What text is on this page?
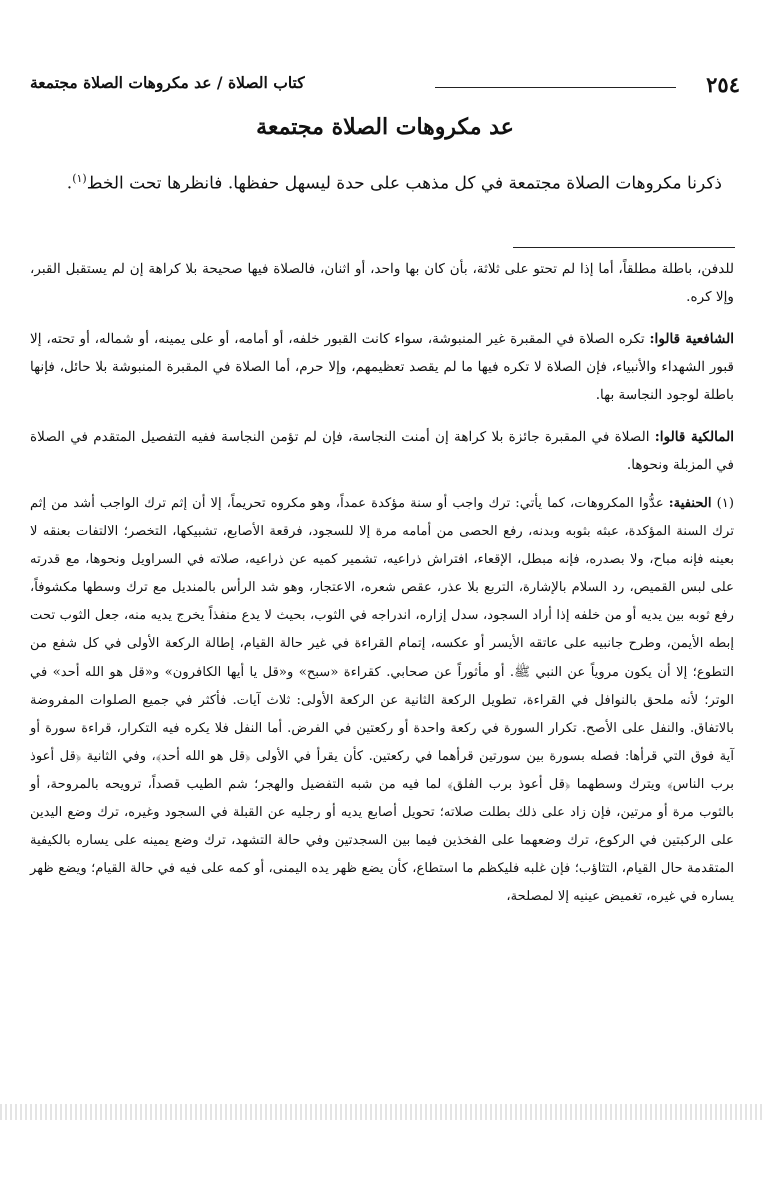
٢٥٤
كتاب الصلاة / عد مكروهات الصلاة مجتمعة
عد مكروهات الصلاة مجتمعة
ذكرنا مكروهات الصلاة مجتمعة في كل مذهب على حدة ليسهل حفظها. فانظرها تحت الخط$^{(١)}$.

للدفن، باطلة مطلقاً، أما إذا لم تحتو على ثلاثة، بأن كان بها واحد، أو اثنان، فالصلاة فيها صحيحة بلا كراهة إن لم يستقبل القبر، وإلا كره.

الشافعية قالوا: تكره الصلاة في المقبرة غير المنبوشة، سواء كانت القبور خلفه، أو أمامه، أو على يمينه، أو شماله، أو تحته، إلا قبور الشهداء والأنبياء، فإن الصلاة لا تكره فيها ما لم يقصد تعظيمهم، وإلا حرم، أما الصلاة في المقبرة المنبوشة بلا حائل، فإنها باطلة لوجود النجاسة بها.

المالكية قالوا: الصلاة في المقبرة جائزة بلا كراهة إن أمنت النجاسة، فإن لم تؤمن النجاسة ففيه التفصيل المتقدم في الصلاة في المزبلة ونحوها.

(١) الحنفية: عدُّوا المكروهات، كما يأتي: ترك واجب أو سنة مؤكدة عمداً، وهو مكروه تحريماً، إلا أن إثم ترك الواجب أشد من إثم ترك السنة المؤكدة، عبثه بثوبه وبدنه، رفع الحصى من أمامه مرة إلا للسجود، فرقعة الأصابع، تشبيكها، التخصر؛ الالتفات بعنقه لا بعينه فإنه مباح، ولا بصدره، فإنه مبطل، الإقعاء، افتراش ذراعيه، تشمير كميه عن ذراعيه، صلاته في السراويل ونحوها، مع قدرته على لبس القميص، رد السلام بالإشارة، التربع بلا عذر، عقص شعره، الاعتجار، وهو شد الرأس بالمنديل مع ترك وسطها مكشوفاً، رفع ثوبه بين يديه أو من خلفه إذا أراد السجود، سدل إزاره، اندراجه في الثوب، بحيث لا يدع منفذاً يخرج يديه منه، جعل الثوب تحت إبطه الأيمن، وطرح جانبيه على عاتقه الأيسر أو عكسه، إتمام القراءة في غير حالة القيام، إطالة الركعة الأولى في كل شفع من التطوع؛ إلا أن يكون مروياً عن النبي ﷺ. أو مأثوراً عن صحابي. كقراءة «سبح» و«قل يا أيها الكافرون» و«قل هو الله أحد» في الوتر؛ لأنه ملحق بالنوافل في القراءة، تطويل الركعة الثانية عن الركعة الأولى: ثلاث آيات. فأكثر في جميع الصلوات المفروضة بالاتفاق. والنفل على الأصح. تكرار السورة في ركعة واحدة أو ركعتين في الفرض. أما النفل فلا يكره فيه التكرار، قراءة سورة أو آية فوق التي قرأها: فصله بسورة بين سورتين قرأهما في ركعتين. كأن يقرأ في الأولى ﴿قل هو الله أحد﴾، وفي الثانية ﴿قل أعوذ برب الناس﴾ ويترك وسطهما ﴿قل أعوذ برب الفلق﴾ لما فيه من شبه التفضيل والهجر؛ شم الطيب قصداً، ترويحه بالمروحة، أو بالثوب مرة أو مرتين، فإن زاد على ذلك بطلت صلاته؛ تحويل أصابع يديه أو رجليه عن القبلة في السجود وغيره، ترك وضع اليدين على الركبتين في الركوع، ترك وضعهما على الفخذين فيما بين السجدتين وفي حالة التشهد، ترك وضع يمينه على يساره بالكيفية المتقدمة حال القيام، التثاؤب؛ فإن غلبه فليكظم ما استطاع، كأن يضع ظهر يده اليمنى، أو كمه على فيه في حالة القيام؛ ويضع ظهر يساره في غيره، تغميض عينيه إلا لمصلحة،
